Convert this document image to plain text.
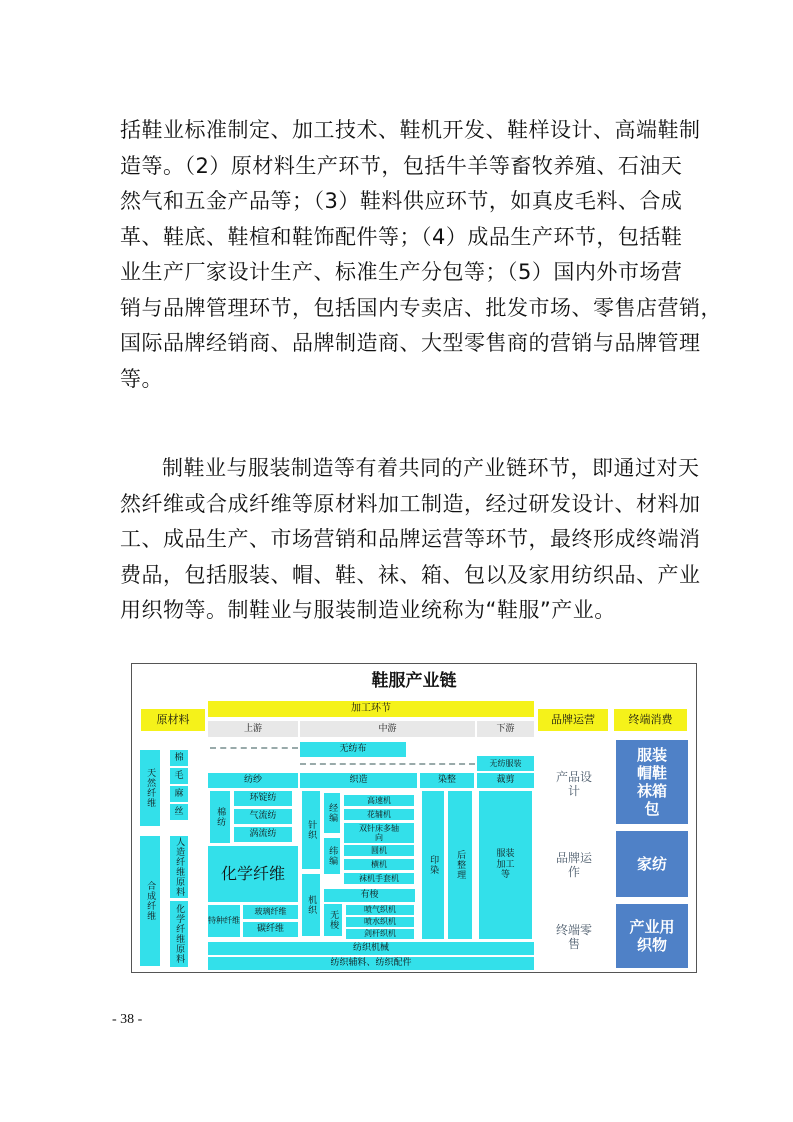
括鞋业标准制定、加工技术、鞋机开发、鞋样设计、高端鞋制
造等。（2）原材料生产环节，包括牛羊等畜牧养殖、石油天
然气和五金产品等；（3）鞋料供应环节，如真皮毛料、合成
革、鞋底、鞋楦和鞋饰配件等；（4）成品生产环节，包括鞋
业生产厂家设计生产、标准生产分包等；（5）国内外市场营
销与品牌管理环节，包括国内专卖店、批发市场、零售店营销，
国际品牌经销商、品牌制造商、大型零售商的营销与品牌管理
等。
制鞋业与服装制造等有着共同的产业链环节，即通过对天
然纤维或合成纤维等原材料加工制造，经过研发设计、材料加
工、成品生产、市场营销和品牌运营等环节，最终形成终端消
费品，包括服装、帽、鞋、袜、箱、包以及家用纺织品、产业
用织物等。制鞋业与服装制造业统称为“鞋服”产业。
鞋服产业链
原材料
加工环节
品牌运营	终端消费
上游	中游	下游
天然纤维
棉
毛
麻
丝
合成纤维
人造纤维原料
化学纤维原料
无纺布
无纺服装
纺纱
棉纺
环锭纺
气流纺
涡流纺
化学纤维
特种纤维
玻璃纤维
碳纤维
织造
针织
经编
高速机
花辅机
双针床多轴向
纬编	圆机
横机
袜机手套机
机织	有梭
无梭
喷气织机
喷水织机
剑杆织机
染整
印染	后整理
裁剪
服装加工等
纺织机械
纺织辅料、纺织配件
产品设计
品牌运作
终端零售
服装帽鞋袜箱包
家纺
产业用织物
- 38 -
